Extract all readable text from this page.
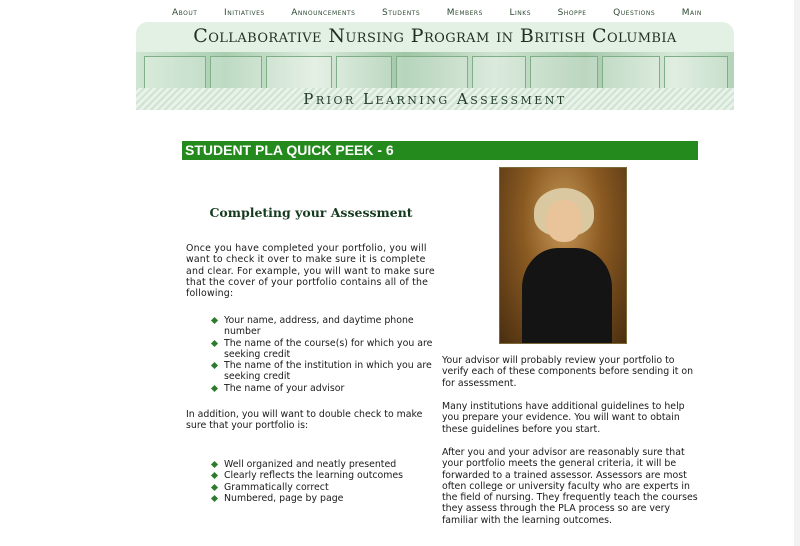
About	Initiatives	Announcements	Students	Members	Links	Shoppe	Questions	Main
Collaborative Nursing Program in British Columbia
Prior Learning Assessment
STUDENT PLA QUICK PEEK - 6
Completing your Assessment

Once you have completed your portfolio, you will want to check it over to make sure it is complete and clear. For example, you will want to make sure that the cover of your portfolio contains all of the following:

Your name, address, and daytime phone number
The name of the course(s) for which you are seeking credit
The name of the institution in which you are seeking credit
The name of your advisor

In addition, you will want to double check to make sure that your portfolio is:

Well organized and neatly presented
Clearly reflects the learning outcomes
Grammatically correct
Numbered, page by page

Your advisor will probably review your portfolio to verify each of these components before sending it on for assessment.

Many institutions have additional guidelines to help you prepare your evidence. You will want to obtain these guidelines before you start.

After you and your advisor are reasonably sure that your portfolio meets the general criteria, it will be forwarded to a trained assessor. Assessors are most often college or university faculty who are experts in the field of nursing. They frequently teach the courses they assess through the PLA process so are very familiar with the learning outcomes.
